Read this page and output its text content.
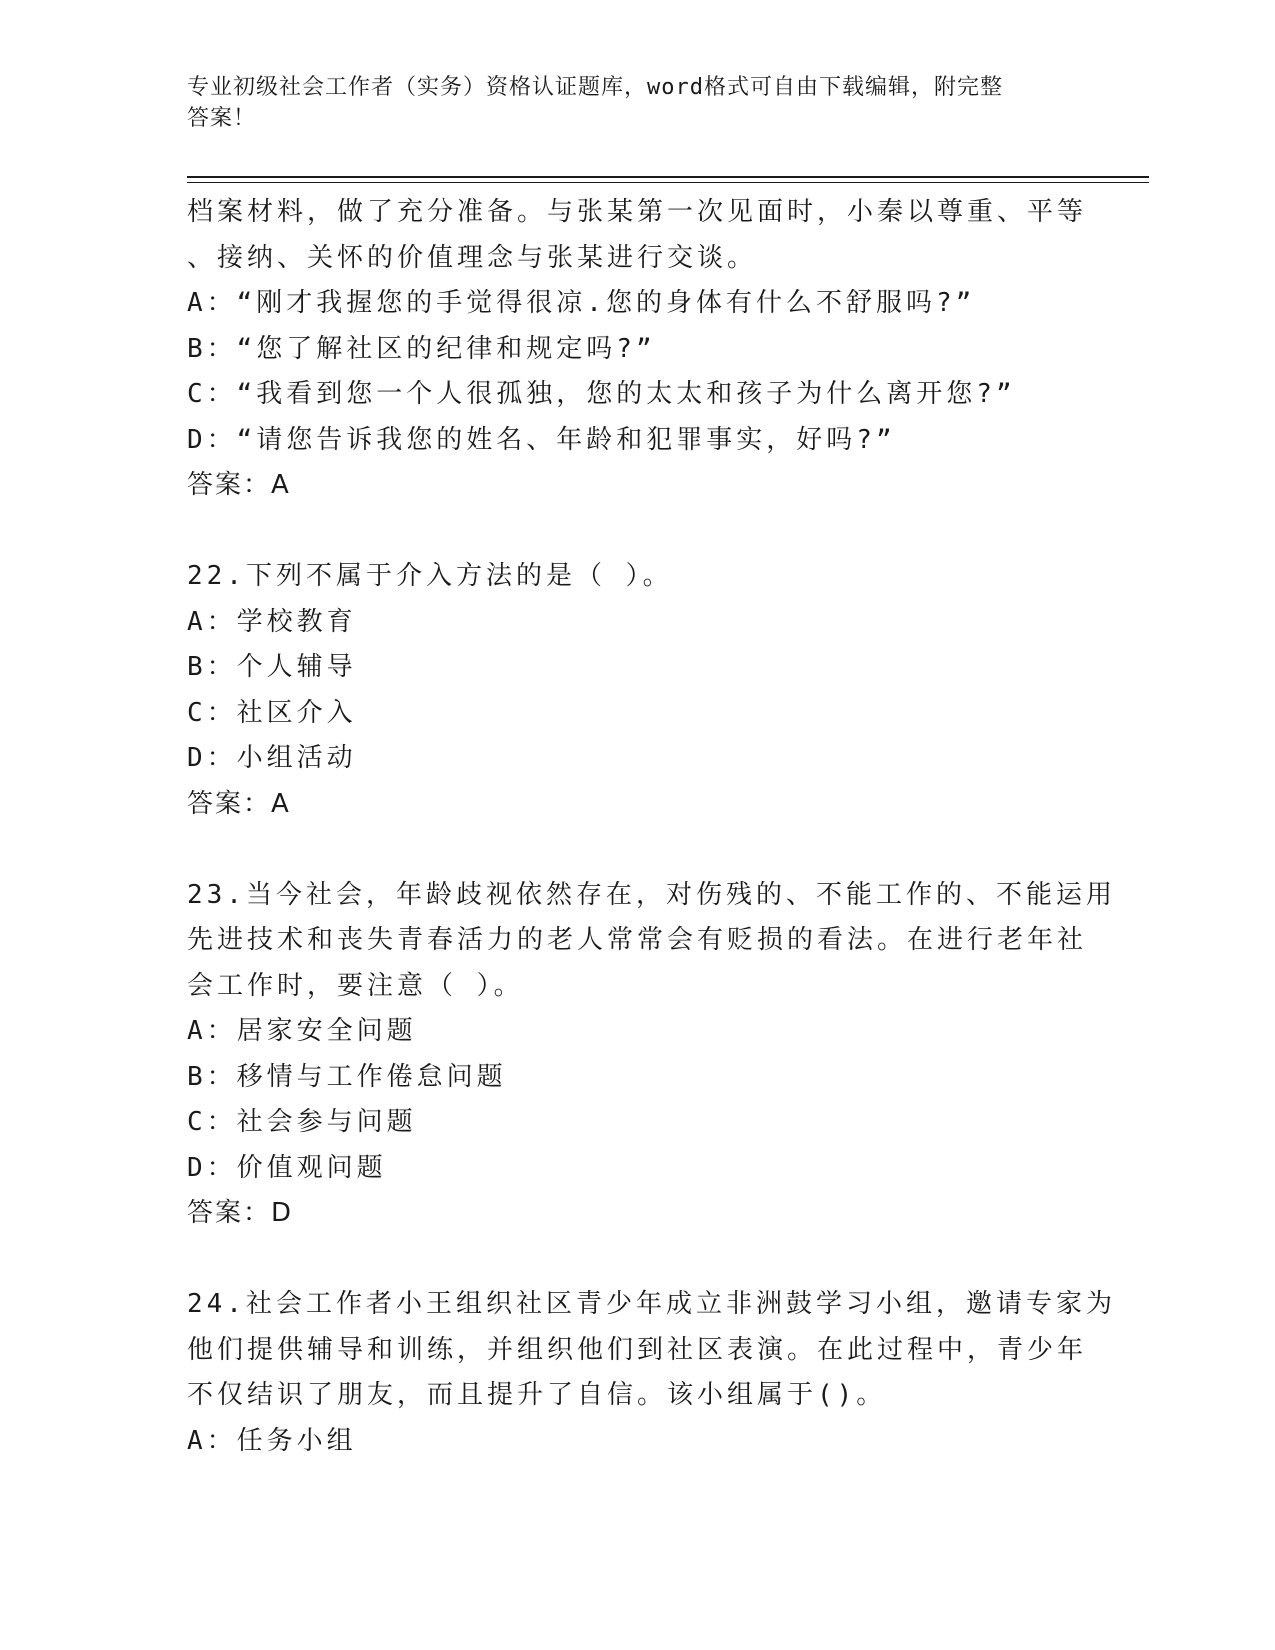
专业初级社会工作者（实务）资格认证题库，word格式可自由下载编辑，附完整
答案！
档案材料，做了充分准备。与张某第一次见面时，小秦以尊重、平等
、接纳、关怀的价值理念与张某进行交谈。
A：“刚才我握您的手觉得很凉.您的身体有什么不舒服吗?”
B：“您了解社区的纪律和规定吗?”
C：“我看到您一个人很孤独，您的太太和孩子为什么离开您?”
D：“请您告诉我您的姓名、年龄和犯罪事实，好吗?”
答案：A
22.下列不属于介入方法的是（ ）。
A：学校教育
B：个人辅导
C：社区介入
D：小组活动
答案：A
23.当今社会，年龄歧视依然存在，对伤残的、不能工作的、不能运用
先进技术和丧失青春活力的老人常常会有贬损的看法。在进行老年社
会工作时，要注意（ ）。
A：居家安全问题
B：移情与工作倦怠问题
C：社会参与问题
D：价值观问题
答案：D
24.社会工作者小王组织社区青少年成立非洲鼓学习小组，邀请专家为
他们提供辅导和训练，并组织他们到社区表演。在此过程中，青少年
不仅结识了朋友，而且提升了自信。该小组属于()。
A：任务小组
